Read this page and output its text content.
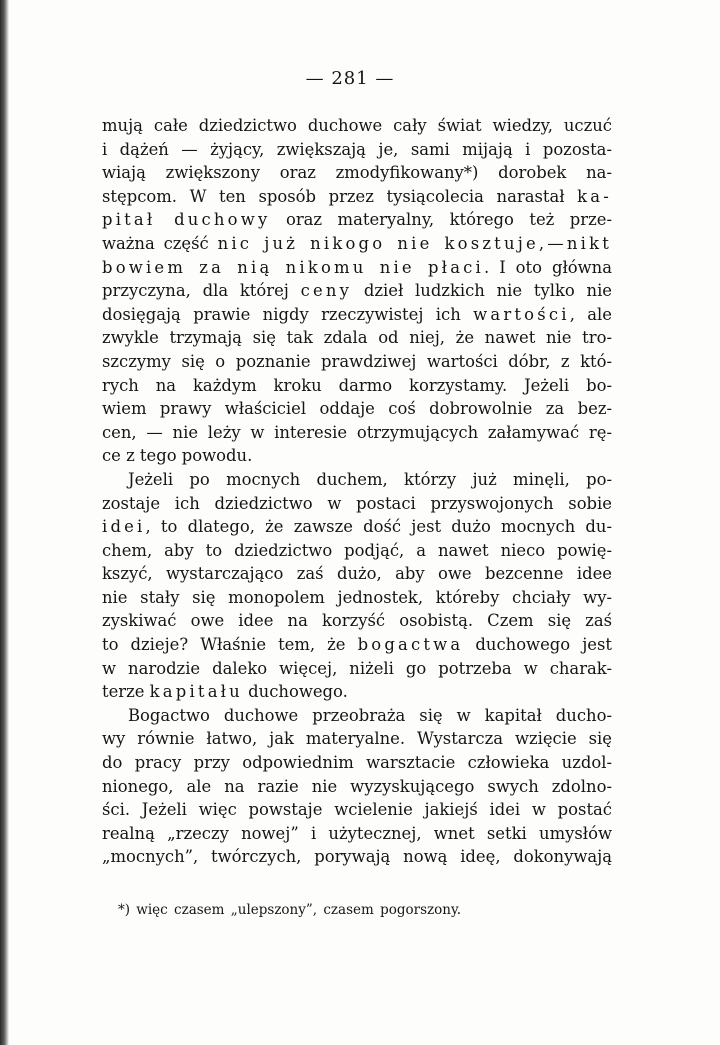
— 281 —
mują całe dziedzictwo duchowe cały świat wiedzy, uczuć
i dążeń — żyjący, zwiększają je, sami mijają i pozosta-
wiają zwiększony oraz zmodyfikowany*) dorobek na-
stępcom. W ten sposób przez tysiącolecia narastał ka-
pitał duchowy oraz materyalny, którego też prze-
ważna część nic już nikogo nie kosztuje,—nikt
bowiem za nią nikomu nie płaci. I oto główna
przyczyna, dla której ceny dzieł ludzkich nie tylko nie
dosięgają prawie nigdy rzeczywistej ich wartości, ale
zwykle trzymają się tak zdala od niej, że nawet nie tro-
szczymy się o poznanie prawdziwej wartości dóbr, z któ-
rych na każdym kroku darmo korzystamy. Jeżeli bo-
wiem prawy właściciel oddaje coś dobrowolnie za bez-
cen, — nie leży w interesie otrzymujących załamywać rę-
ce z tego powodu.
Jeżeli po mocnych duchem, którzy już minęli, po-
zostaje ich dziedzictwo w postaci przyswojonych sobie
idei, to dlatego, że zawsze dość jest dużo mocnych du-
chem, aby to dziedzictwo podjąć, a nawet nieco powię-
kszyć, wystarczająco zaś dużo, aby owe bezcenne idee
nie stały się monopolem jednostek, któreby chciały wy-
zyskiwać owe idee na korzyść osobistą. Czem się zaś
to dzieje? Właśnie tem, że bogactwa duchowego jest
w narodzie daleko więcej, niżeli go potrzeba w charak-
terze kapitału duchowego.
Bogactwo duchowe przeobraża się w kapitał ducho-
wy równie łatwo, jak materyalne. Wystarcza wzięcie się
do pracy przy odpowiednim warsztacie człowieka uzdol-
nionego, ale na razie nie wyzyskującego swych zdolno-
ści. Jeżeli więc powstaje wcielenie jakiejś idei w postać
realną „rzeczy nowej” i użytecznej, wnet setki umysłów
„mocnych”, twórczych, porywają nową ideę, dokonywają
*) więc czasem „ulepszony”, czasem pogorszony.
